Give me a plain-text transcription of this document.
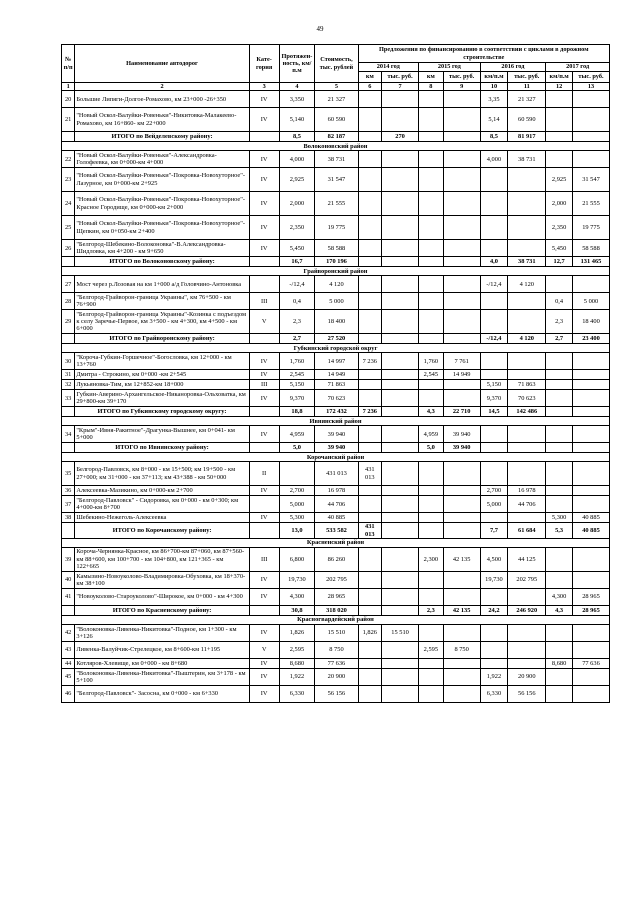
49
№ п/п	Наименование автодорог	Кате-гория	Протяжен-ность, км/п.м	Стоимость, тыс. рублей	Предложения по финансированию в соответствии с циклами в дорожном строительстве							
					2014 год		2015 год		2016 год		2017 год	
					км	тыс. руб.	км	тыс. руб.	км/п.м	тыс. руб.	км/п.м	тыс. руб.
1	2	3	4	5	6	7	8	9	10	11	12	13
20	Большие Липяги-Долгое-Ромахово, км 23+000 -26+350	IV	3,350	21 327					3,35	21 327		
21	"Новый Оскол-Валуйки-Ровеньки"-Никитовка-Малакеево-Ромахово, км 16+860- км 22+000	IV	5,140	60 590					5,14	60 590		
	ИТОГО по Вейделевскому району:		8,5	82 187		270			8,5	81 917		
Волоконовский район												
22	"Новый Оскол-Валуйки-Ровеньки"-Александровка-Голофеевка, км 0+000-км 4+000	IV	4,000	38 731					4,000	38 731		
23	"Новый Оскол-Валуйки-Ровеньки"-Покровка-Новохуторное"-Лазурное, км 0+000-км 2+925	IV	2,925	31 547							2,925	31 547
24	"Новый Оскол-Валуйки-Ровеньки"-Покровка-Новохуторное"-Красное Городище, км 0+000-км 2+000	IV	2,000	21 555							2,000	21 555
25	"Новый Оскол-Валуйки-Ровеньки"-Покровка-Новохуторное"-Щепкин, км 0+050-км 2+400	IV	2,350	19 775							2,350	19 775
26	"Белгород-Шебекино-Волоконовка"-В.Александровка-Шидловка, км 4+200 - км 9+650	IV	5,450	58 588							5,450	58 588
	ИТОГО по Волоконовскому району:		16,7	170 196					4,0	38 731	12,7	131 465
Грайворонский район												
27	Мост через р.Лозовая на км 1+000 а/д Головчино-Антоновка		-/12,4	4 120					-/12,4	4 120		
28	"Белгород-Грайворон-граница Украины", км 76+500 - км 76+900	III	0,4	5 000							0,4	5 000
29	"Белгород-Грайворон-граница Украины"-Козинка с подъездом к селу Заречье-Первое, км 3+500 - км 4+300, км 4+500 - км 6+000	V	2,3	18 400							2,3	18 400
	ИТОГО по Грайворонскому району:		2,7	27 520					-/12,4	4 120	2,7	23 400
Губкинский городской округ												
30	"Короча-Губкин-Горшечное"-Богословка, км 12+000 - км 13+760	IV	1,760	14 997	7 236		1,760	7 761				
31	Дмитра - Строкино, км 0+000 -км 2+545	IV	2,545	14 949			2,545	14 949				
32	Лукьяновка-Тим, км 12+852-км 18+000	III	5,150	71 863					5,150	71 863		
33	Губкин-Аверино-Архангельское-Никаноровка-Ольховатка, км 29+800-км 39+170	IV	9,370	70 623					9,370	70 623		
	ИТОГО по Губкинскому городскому округу:		18,8	172 432	7 236		4,3	22 710	14,5	142 486		
Ивнянский район												
34	"Крым"-Ивня-Ракитное"-Драгунка-Вышнее, км 0+041- км 5+000	IV	4,959	39 940			4,959	39 940				
	ИТОГО по Ивнянскому району:		5,0	39 940			5,0	39 940				
Корочанский район												
35	Белгород-Павловск, км 8+000 - км 15+500; км 19+500 - км 27+000; км 31+000 - км 37+113; км 43+388 - км 50+000	II		431 013	431 013							
36	Алексеевка-Мазикино, км 0+000-км 2+700	IV	2,700	16 978					2,700	16 978		
37	"Белгород-Павловск" - Сидоровка, км 0+000 - км 0+300; км 4+000-км 8+700		5,000	44 706					5,000	44 706		
38	Шебекино-Нежеголь-Алексеевка	IV	5,300	40 885							5,300	40 885
	ИТОГО по Корочанскому району:		13,0	533 582	431 013				7,7	61 684	5,3	40 885
Красненский район												
39	Короча-Чернянка-Красное, км 86+700-км 87+060, км 87+560-км 88+600, км 100+700 - км 104+800, км 121+365 - км 122+665	III	6,800	86 260			2,300	42 135	4,500	44 125		
40	Камызино-Новоуколово-Владимировка-Обуховка, км 18+370- км 38+100	IV	19,730	202 795					19,730	202 795		
41	"Новоуколово-Староуколово"-Широкое, км 0+000 - км 4+300	IV	4,300	28 965							4,300	28 965
	ИТОГО по Красненскому району:		30,8	318 020			2,3	42 135	24,2	246 920	4,3	28 965
Красногвардейский район												
42	"Волоконовка-Ливенка-Никитовка"-Подное, км 1+300 - км 3+126	IV	1,826	15 510	1,826	15 510						
43	Ливенка-Валуйчик-Стрелецкое, км 8+600-км 11+195	V	2,595	8 750			2,595	8 750				
44	Котляров-Хлевище, км 0+000 - км 8+680	IV	8,680	77 636							8,680	77 636
45	"Волоконовка-Ливенка-Никитовка"-Пыштерин, км 3+178 - км 5+100	IV	1,922	20 900					1,922	20 900		
46	"Белгород-Павловск"- Засосна, км 0+000 - км 6+330	IV	6,330	56 156					6,330	56 156		
